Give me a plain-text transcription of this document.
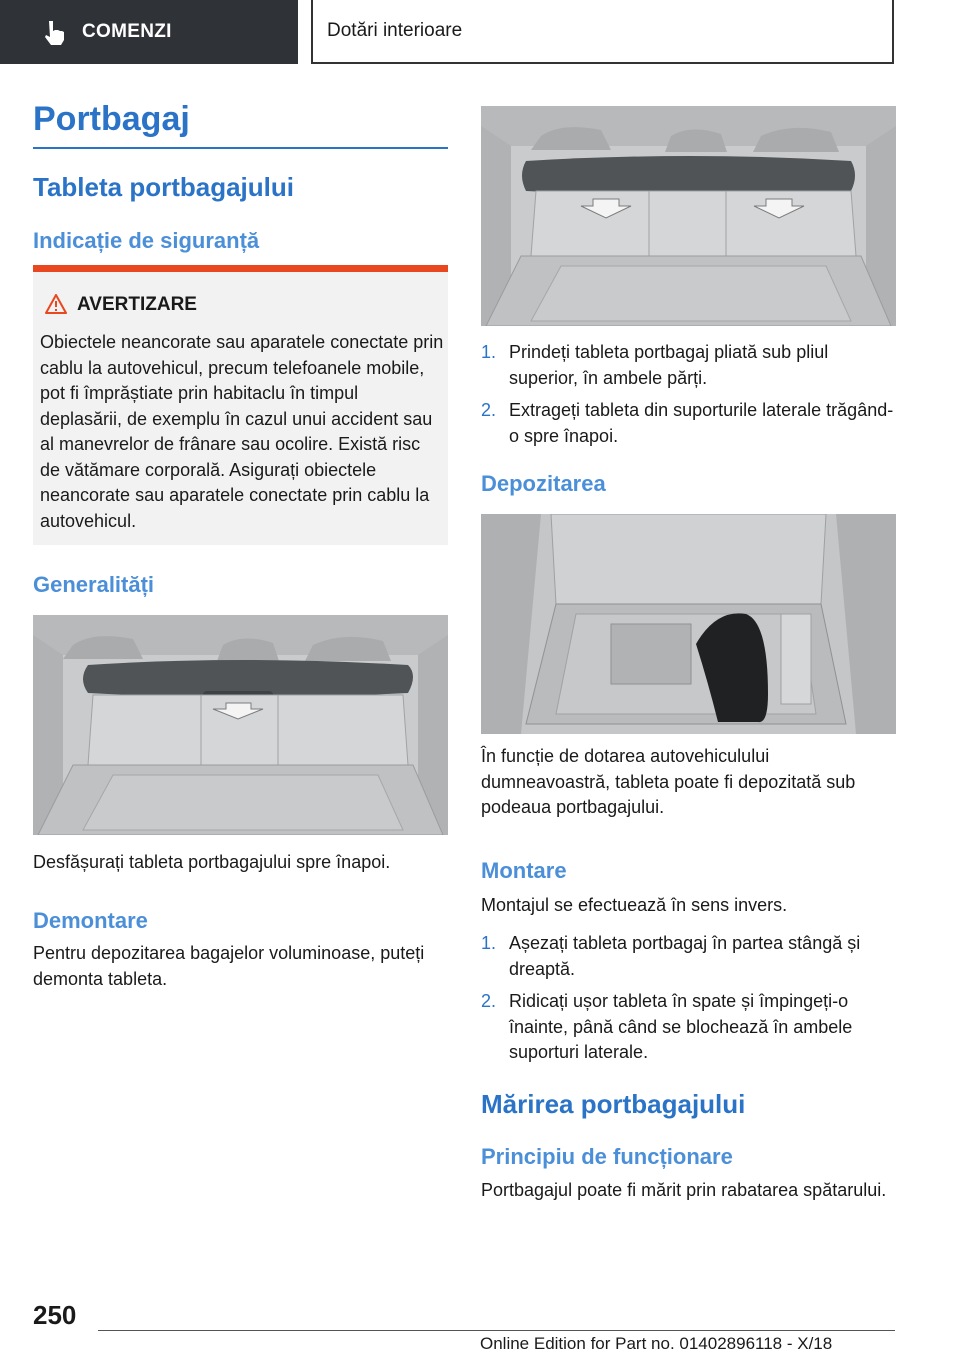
COMENZI	Dotări interioare
Portbagaj
Tableta portbagajului
Indicație de siguranță
AVERTIZARE
Obiectele neancorate sau aparatele conectate prin cablu la autovehicul, precum telefoanele mobile, pot fi împrăștiate prin habitaclu în timpul deplasării, de exemplu în cazul unui accident sau al manevrelor de frânare sau ocolire. Există risc de vătămare corporală. Asigurați obiectele neancorate sau aparatele conectate prin cablu la autovehicul.
Generalități

Desfășurați tableta portbagajului spre înapoi.

Demontare

Pentru depozitarea bagajelor voluminoase, puteți demonta tableta.

1. Prindeți tableta portbagaj pliată sub pliul superior, în ambele părți.
2. Extrageți tableta din suporturile laterale trăgând-o spre înapoi.
Depozitarea

În funcție de dotarea autovehiculului dumneavoastră, tableta poate fi depozitată sub podeaua portbagajului.

Montare

Montajul se efectuează în sens invers.

1. Așezați tableta portbagaj în partea stângă și dreaptă.
2. Ridicați ușor tableta în spate și împingeți-o înainte, până când se blochează în ambele suporturi laterale.
Mărirea portbagajului
Principiu de funcționare

Portbagajul poate fi mărit prin rabatarea spătarului.

250
Online Edition for Part no. 01402896118 - X/18
